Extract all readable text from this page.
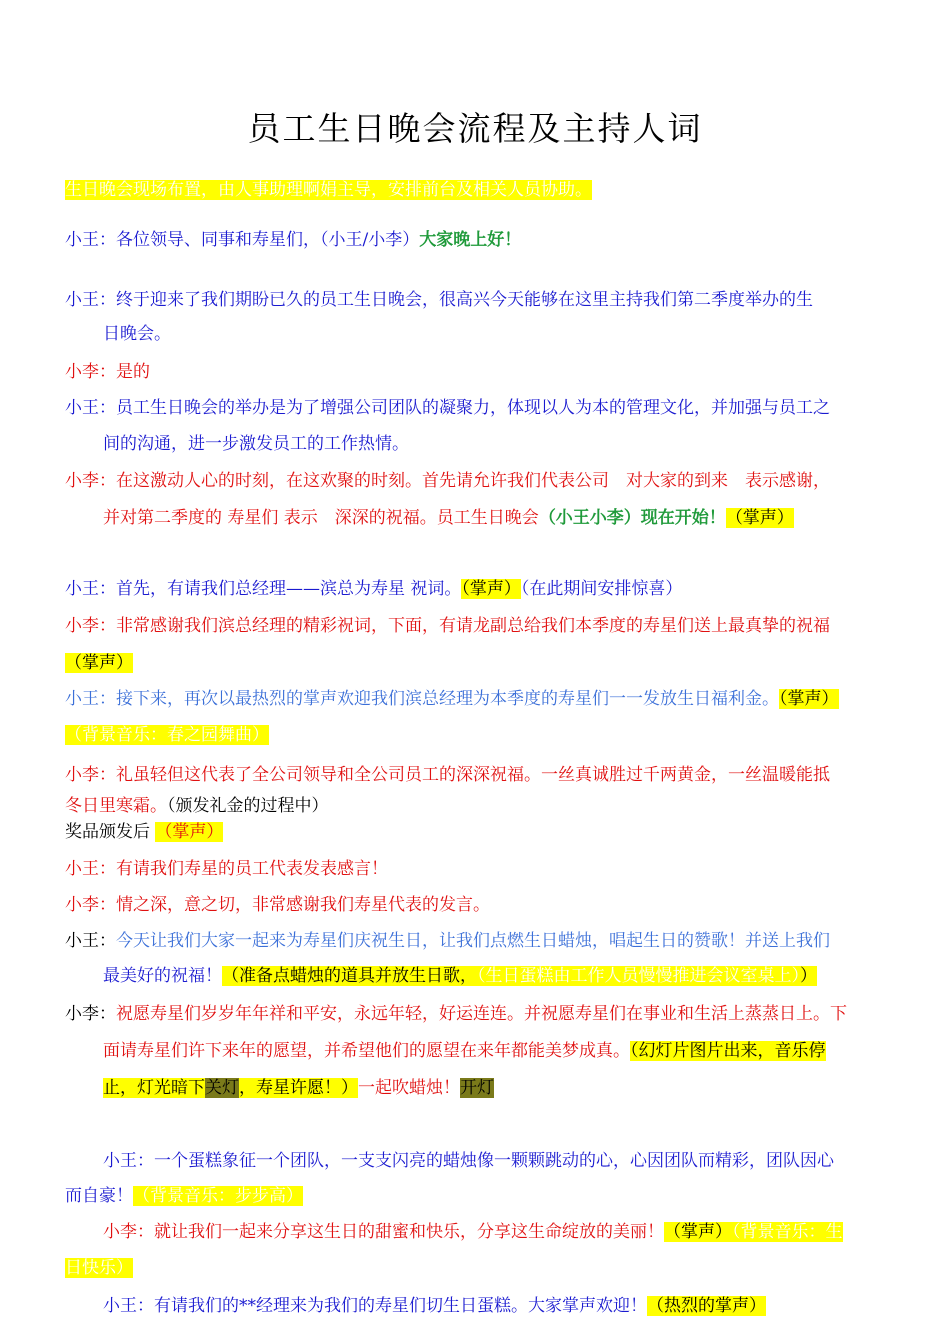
员工生日晚会流程及主持人词
生日晚会现场布置，由人事助理啊娟主导，安排前台及相关人员协助。
小王：各位领导、同事和寿星们，（小王/小李）大家晚上好！
小王：终于迎来了我们期盼已久的员工生日晚会，很高兴今天能够在这里主持我们第二季度举办的生
日晚会。
小李：是的
小王：员工生日晚会的举办是为了增强公司团队的凝聚力，体现以人为本的管理文化，并加强与员工之
间的沟通，进一步激发员工的工作热情。
小李：在这激动人心的时刻，在这欢聚的时刻。首先请允许我们代表公司　对大家的到来　表示感谢，
并对第二季度的 寿星们 表示　深深的祝福。员工生日晚会（小王小李）现在开始！（掌声）
小王：首先，有请我们总经理——滨总为寿星 祝词。（掌声）（在此期间安排惊喜）
小李：非常感谢我们滨总经理的精彩祝词，下面，有请龙副总给我们本季度的寿星们送上最真挚的祝福
（掌声）
小王：接下来，再次以最热烈的掌声欢迎我们滨总经理为本季度的寿星们一一发放生日福利金。（掌声）
（背景音乐：春之园舞曲）
小李：礼虽轻但这代表了全公司领导和全公司员工的深深祝福。一丝真诚胜过千两黄金，一丝温暖能抵
冬日里寒霜。（颁发礼金的过程中）
奖品颁发后 （掌声）
小王：有请我们寿星的员工代表发表感言！
小李：情之深，意之切，非常感谢我们寿星代表的发言。
小王：今天让我们大家一起来为寿星们庆祝生日，让我们点燃生日蜡烛，唱起生日的赞歌！并送上我们
最美好的祝福！（准备点蜡烛的道具并放生日歌，（生日蛋糕由工作人员慢慢推进会议室桌上））
小李：祝愿寿星们岁岁年年祥和平安，永远年轻，好运连连。并祝愿寿星们在事业和生活上蒸蒸日上。下
面请寿星们许下来年的愿望，并希望他们的愿望在来年都能美梦成真。（幻灯片图片出来，音乐停
止，灯光暗下关灯，寿星许愿！）一起吹蜡烛！开灯
小王：一个蛋糕象征一个团队，一支支闪亮的蜡烛像一颗颗跳动的心，心因团队而精彩，团队因心
而自豪！（背景音乐：步步高）
小李：就让我们一起来分享这生日的甜蜜和快乐，分享这生命绽放的美丽！（掌声）（背景音乐：生
日快乐）
小王：有请我们的**经理来为我们的寿星们切生日蛋糕。大家掌声欢迎！（热烈的掌声）
